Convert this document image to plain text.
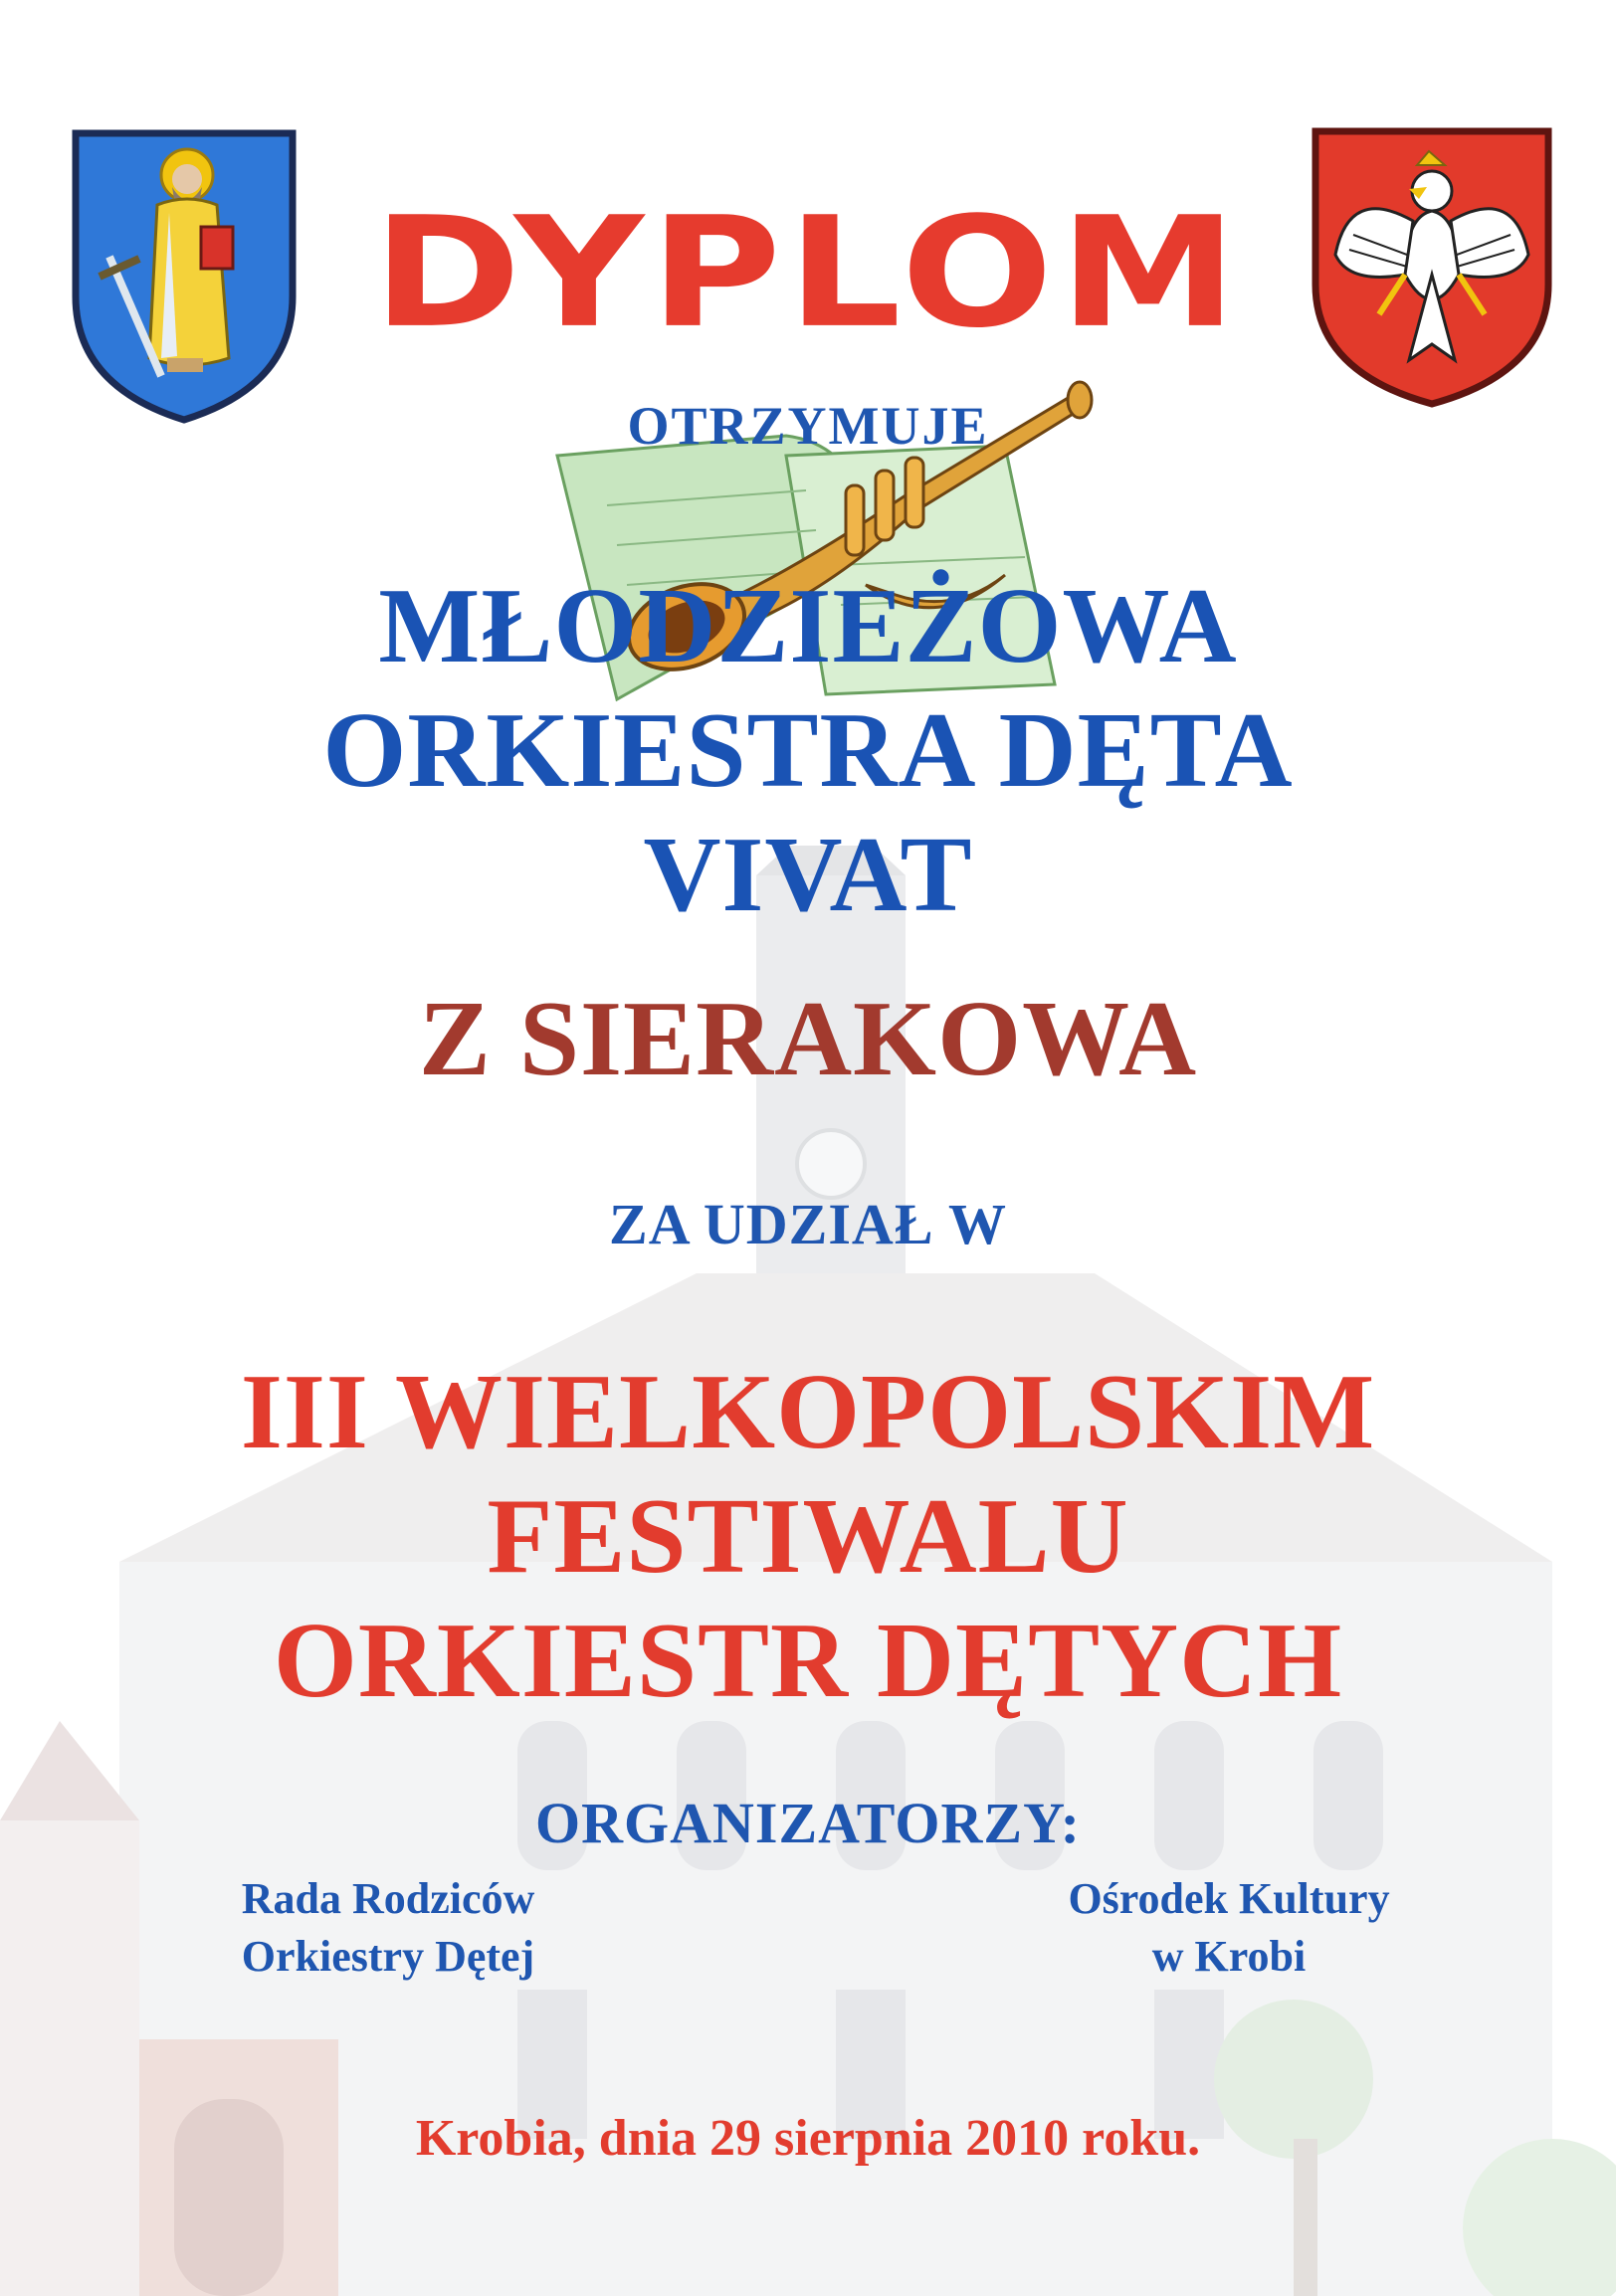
DYPLOM
OTRZYMUJE
MŁODZIEŻOWA
ORKIESTRA DĘTA
VIVAT
Z SIERAKOWA
ZA UDZIAŁ W
III WIELKOPOLSKIM
FESTIWALU
ORKIESTR DĘTYCH
ORGANIZATORZY:
Rada Rodziców
Orkiestry Dętej
Ośrodek Kultury
w Krobi
Krobia, dnia 29 sierpnia 2010 roku.
